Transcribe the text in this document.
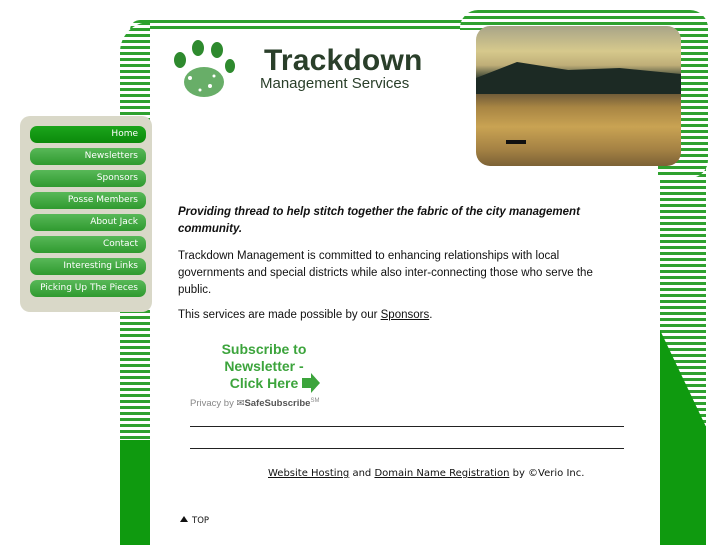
Trackdown
Management Services
Home
Newsletters
Sponsors
Posse Members
About Jack
Contact
Interesting Links
Picking Up The Pieces
Providing thread to help stitch together the fabric of the city management community.
Trackdown Management is committed to enhancing relationships with local governments and special districts while also inter-connecting those who serve the public.
This services are made possible by our Sponsors.
Subscribe to
Newsletter -
Click Here
Privacy by ✉SafeSubscribe℠
Website Hosting and Domain Name Registration by ©Verio Inc.
TOP
